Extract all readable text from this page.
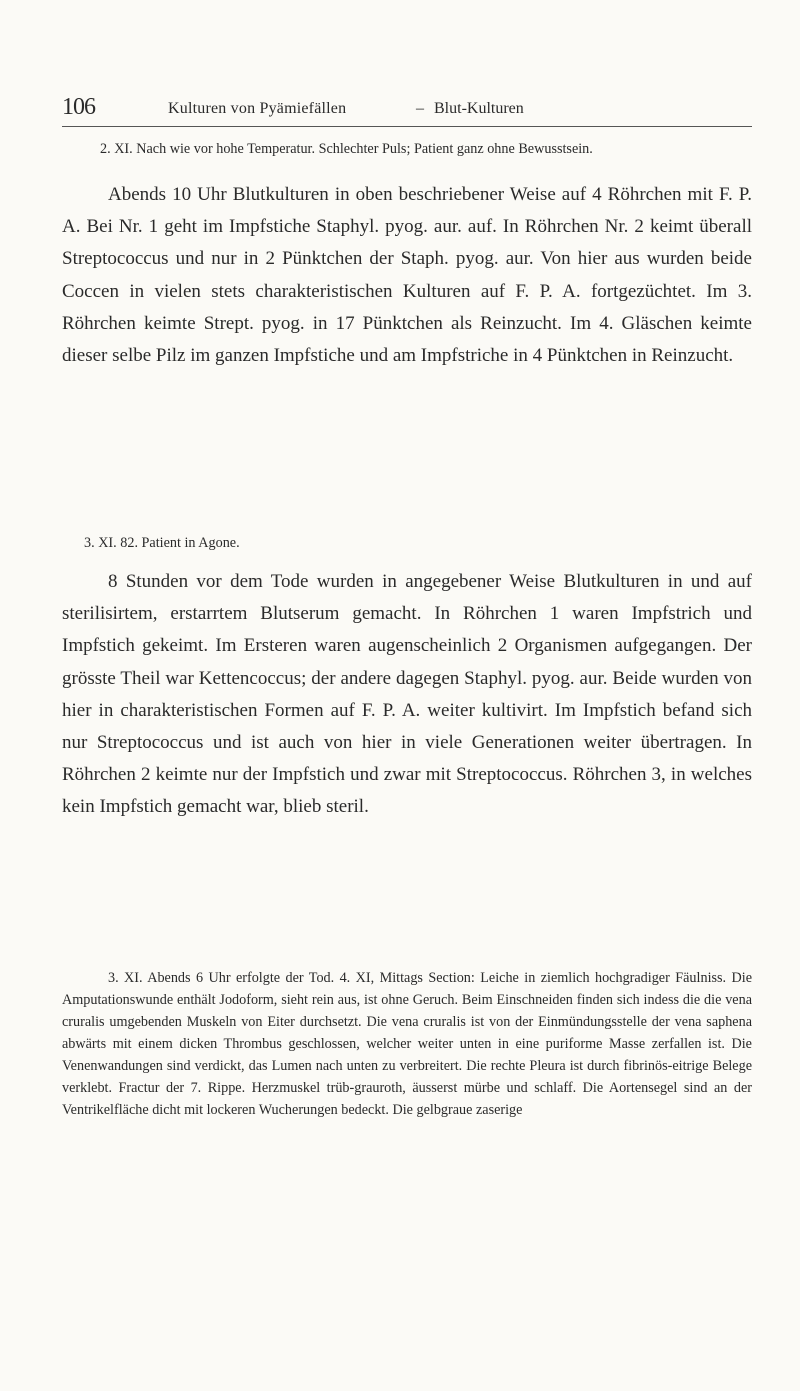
106	Kulturen von Pyämiefällen	– Blut-Kulturen
2. XI. Nach wie vor hohe Temperatur. Schlechter Puls; Patient ganz ohne Bewusstsein.
Abends 10 Uhr Blutkulturen in oben beschriebener Weise auf 4 Röhrchen mit F. P. A. Bei Nr. 1 geht im Impfstiche Staphyl. pyog. aur. auf. In Röhrchen Nr. 2 keimt überall Streptococcus und nur in 2 Pünktchen der Staph. pyog. aur. Von hier aus wurden beide Coccen in vielen stets charakteristischen Kulturen auf F. P. A. fortgezüchtet. Im 3. Röhrchen keimte Strept. pyog. in 17 Pünktchen als Reinzucht. Im 4. Gläschen keimte dieser selbe Pilz im ganzen Impfstiche und am Impfstriche in 4 Pünktchen in Reinzucht.
3. XI. 82. Patient in Agone.
8 Stunden vor dem Tode wurden in angegebener Weise Blutkulturen in und auf sterilisirtem, erstarrtem Blutserum gemacht. In Röhrchen 1 waren Impfstrich und Impfstich gekeimt. Im Ersteren waren augenscheinlich 2 Organismen aufgegangen. Der grösste Theil war Kettencoccus; der andere dagegen Staphyl. pyog. aur. Beide wurden von hier in charakteristischen Formen auf F. P. A. weiter kultivirt. Im Impfstich befand sich nur Streptococcus und ist auch von hier in viele Generationen weiter übertragen. In Röhrchen 2 keimte nur der Impfstich und zwar mit Streptococcus. Röhrchen 3, in welches kein Impfstich gemacht war, blieb steril.
3. XI. Abends 6 Uhr erfolgte der Tod. 4. XI, Mittags Section: Leiche in ziemlich hochgradiger Fäulniss. Die Amputationswunde enthält Jodoform, sieht rein aus, ist ohne Geruch. Beim Einschneiden finden sich indess die die vena cruralis umgebenden Muskeln von Eiter durchsetzt. Die vena cruralis ist von der Einmündungsstelle der vena saphena abwärts mit einem dicken Thrombus geschlossen, welcher weiter unten in eine puriforme Masse zerfallen ist. Die Venenwandungen sind verdickt, das Lumen nach unten zu verbreitert. Die rechte Pleura ist durch fibrinös-eitrige Belege verklebt. Fractur der 7. Rippe. Herzmuskel trüb-grauroth, äusserst mürbe und schlaff. Die Aortensegel sind an der Ventrikelfläche dicht mit lockeren Wucherungen bedeckt. Die gelbgraue zaserige
